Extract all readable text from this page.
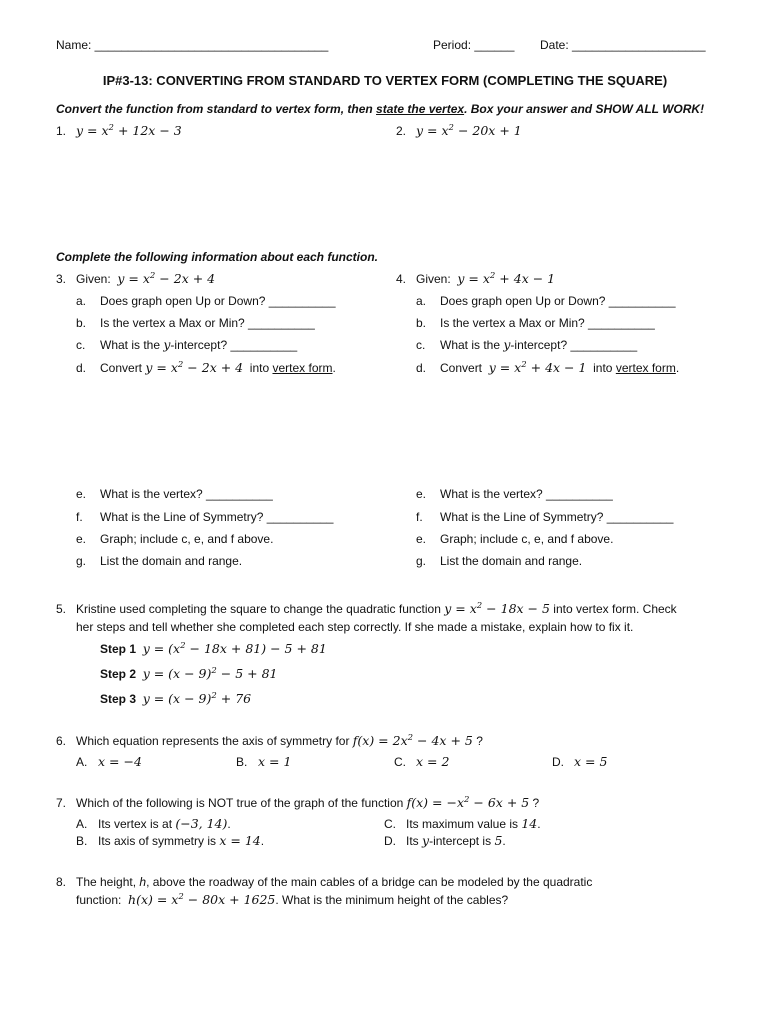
Name: ___________________________________	Period: ______ Date: ____________________
IP#3-13: CONVERTING FROM STANDARD TO VERTEX FORM (COMPLETING THE SQUARE)
Convert the function from standard to vertex form, then state the vertex. Box your answer and SHOW ALL WORK!
1. $y = x^2 + 12x - 3$	2. $y = x^2 - 20x + 1$
Complete the following information about each function.
3. Given: $y = x^2 - 2x + 4$
a. Does graph open Up or Down? __________
b. Is the vertex a Max or Min? __________
c. What is the y-intercept? __________
d. Convert $y = x^2 - 2x + 4$  into vertex form.
e. What is the vertex? __________
f. What is the Line of Symmetry? __________
e. Graph; include c, e, and f above.
g. List the domain and range.
4. Given: $y = x^2 + 4x - 1$
a. Does graph open Up or Down? __________
b. Is the vertex a Max or Min? __________
c. What is the y-intercept? __________
d. Convert  $y = x^2 + 4x - 1$  into vertex form.
e. What is the vertex? __________
f. What is the Line of Symmetry? __________
e. Graph; include c, e, and f above.
g. List the domain and range.
5. Kristine used completing the square to change the quadratic function $y = x^2 - 18x - 5$ into vertex form. Check
her steps and tell whether she completed each step correctly. If she made a mistake, explain how to fix it.
Step 1 $y = (x^2 - 18x + 81) - 5 + 81$
Step 2 $y = (x - 9)^2 - 5 + 81$
Step 3 $y = (x - 9)^2 + 76$
6. Which equation represents the axis of symmetry for $f(x) = 2x^2 - 4x + 5$ ?
A. x = −4	B. x = 1	C. x = 2	D. x = 5
7. Which of the following is NOT true of the graph of the function $f(x) = -x^2 - 6x + 5$ ?
A. Its vertex is at (−3, 14).
B. Its axis of symmetry is x = 14.
C. Its maximum value is 14.
D. Its y-intercept is 5.
8. The height, h, above the roadway of the main cables of a bridge can be modeled by the quadratic
function:  $h(x) = x^2 - 80x + 1625$. What is the minimum height of the cables?
